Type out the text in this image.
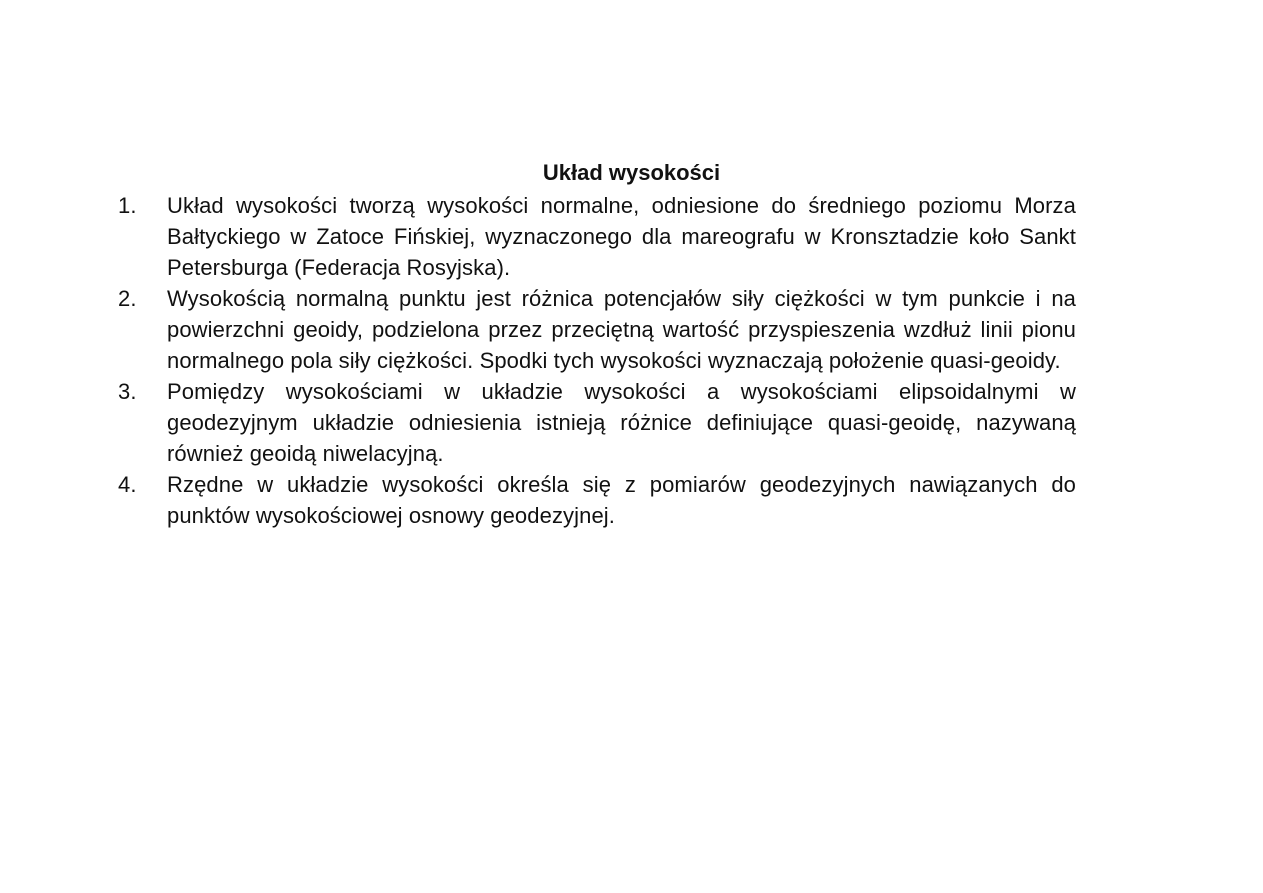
Układ wysokości
1. Układ wysokości tworzą wysokości normalne, odniesione do średniego poziomu Morza Bałtyckiego w Zatoce Fińskiej, wyznaczonego dla mareografu w Kronsztadzie koło Sankt Petersburga (Federacja Rosyjska).
2. Wysokością normalną punktu jest różnica potencjałów siły ciężkości w tym punkcie i na powierzchni geoidy, podzielona przez przeciętną wartość przyspieszenia wzdłuż linii pionu normalnego pola siły ciężkości. Spodki tych wysokości wyznaczają położenie quasi-geoidy.
3. Pomiędzy wysokościami w układzie wysokości a wysokościami elipsoidalnymi w geodezyjnym układzie odniesienia istnieją różnice definiujące quasi-geoidę, nazywaną również geoidą niwelacyjną.
4. Rzędne w układzie wysokości określa się z pomiarów geodezyjnych nawiązanych do punktów wysokościowej osnowy geodezyjnej.
